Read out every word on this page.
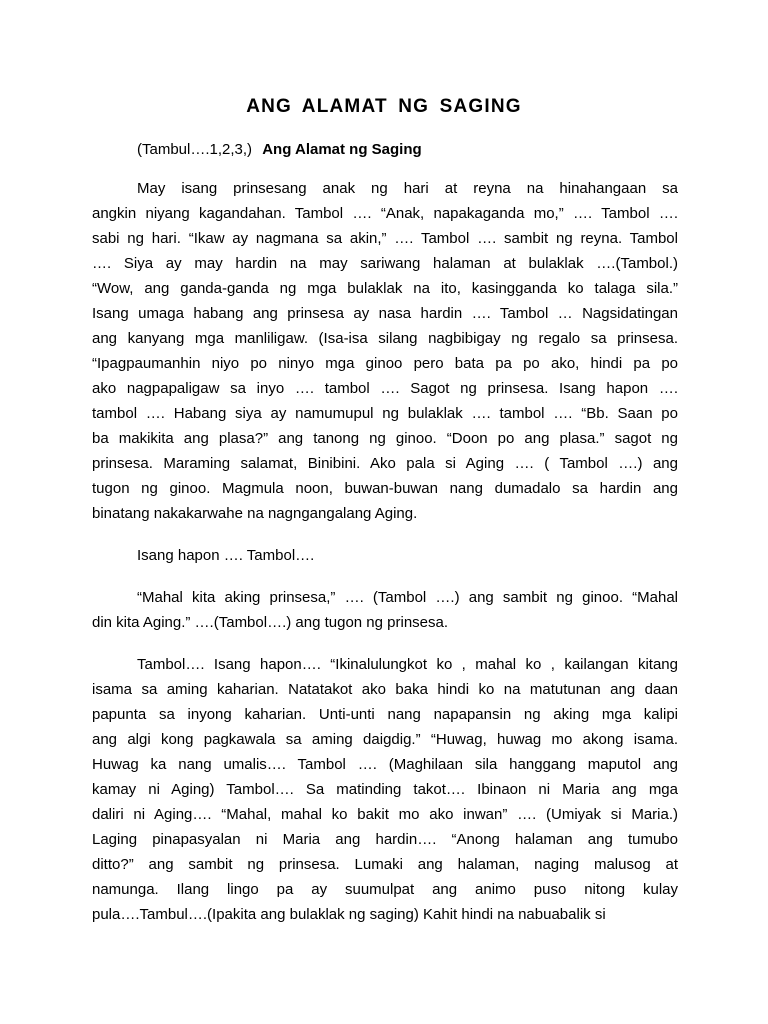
ANG ALAMAT NG SAGING
(Tambul….1,2,3,) Ang Alamat ng Saging
May isang prinsesang anak ng hari at reyna na hinahangaan sa
angkin niyang kagandahan. Tambol …. “Anak, napakaganda mo,” …. Tambol ….
sabi ng hari. “Ikaw ay nagmana sa akin,” …. Tambol …. sambit ng reyna. Tambol
…. Siya ay may hardin na may sariwang halaman at bulaklak ….(Tambol.)
“Wow, ang ganda-ganda ng mga bulaklak na ito, kasingganda ko talaga sila.”
Isang umaga habang ang prinsesa ay nasa hardin …. Tambol … Nagsidatingan
ang kanyang mga manliligaw. (Isa-isa silang nagbibigay ng regalo sa prinsesa.
“Ipagpaumanhin niyo po ninyo mga ginoo pero bata pa po ako, hindi pa po
ako nagpapaligaw sa inyo …. tambol …. Sagot ng prinsesa. Isang hapon ….
tambol …. Habang siya ay namumupul ng bulaklak …. tambol …. “Bb. Saan po
ba makikita ang plasa?” ang tanong ng ginoo. “Doon po ang plasa.” sagot ng
prinsesa. Maraming salamat, Binibini. Ako pala si Aging …. ( Tambol ….) ang
tugon ng ginoo. Magmula noon, buwan-buwan nang dumadalo sa hardin ang
binatang nakakarwahe na nagngangalang Aging.
Isang hapon …. Tambol….
“Mahal kita aking prinsesa,” …. (Tambol ….) ang sambit ng ginoo. “Mahal
din kita Aging.” ….(Tambol….) ang tugon ng prinsesa.
Tambol…. Isang hapon…. “Ikinalulungkot ko , mahal ko , kailangan kitang
isama sa aming kaharian. Natatakot ako baka hindi ko na matutunan ang daan
papunta sa inyong kaharian. Unti-unti nang napapansin ng aking mga kalipi
ang algi kong pagkawala sa aming daigdig.” “Huwag, huwag mo akong isama.
Huwag ka nang umalis…. Tambol …. (Maghilaan sila hanggang maputol ang
kamay ni Aging) Tambol…. Sa matinding takot…. Ibinaon ni Maria ang mga
daliri ni Aging…. “Mahal, mahal ko bakit mo ako inwan” …. (Umiyak si Maria.)
Laging pinapasyalan ni Maria ang hardin…. “Anong halaman ang tumubo
ditto?” ang sambit ng prinsesa. Lumaki ang halaman, naging malusog at
namunga. Ilang lingo pa ay suumulpat ang animo puso nitong kulay
pula….Tambul….(Ipakita ang bulaklak ng saging) Kahit hindi na nabuabalik si
